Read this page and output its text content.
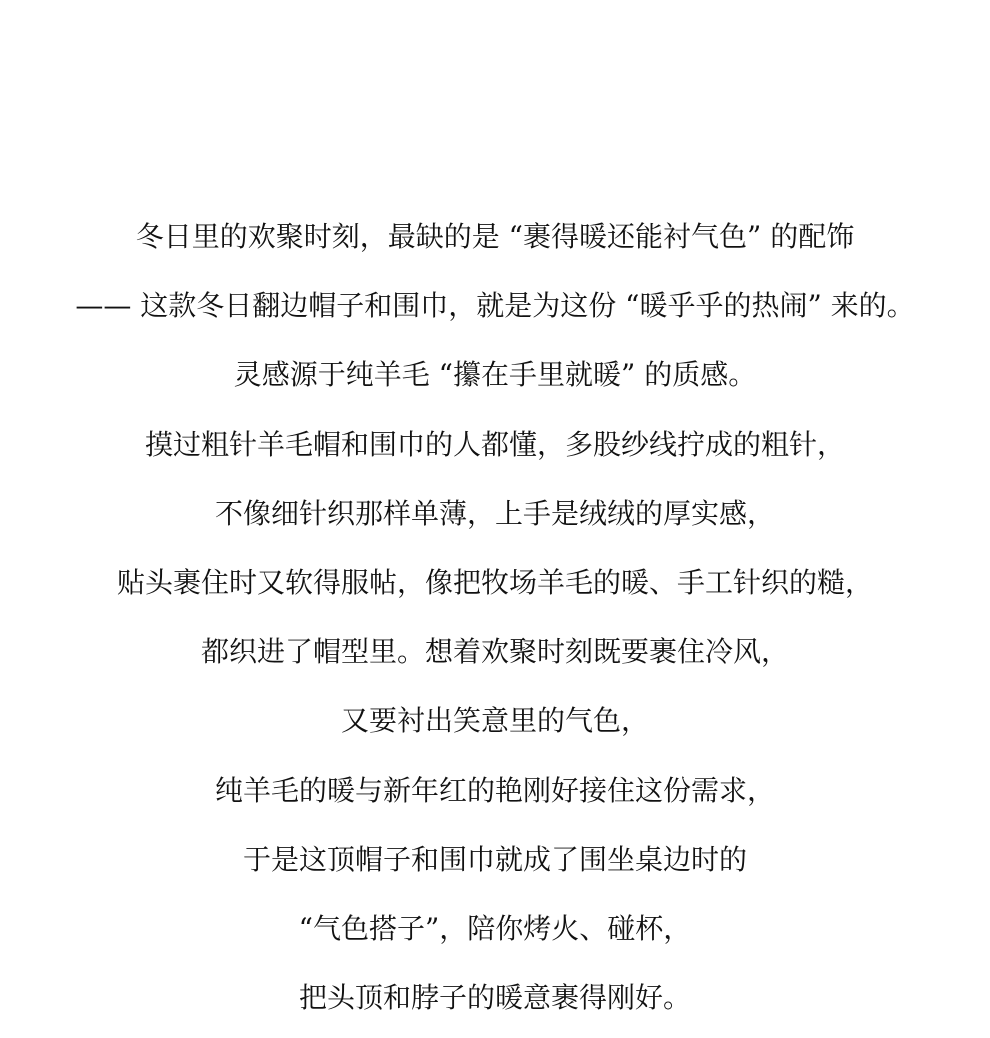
冬日里的欢聚时刻，最缺的是 “裹得暖还能衬气色” 的配饰
—— 这款冬日翻边帽子和围巾，就是为这份 “暖乎乎的热闹” 来的。
灵感源于纯羊毛 “攥在手里就暖” 的质感。
摸过粗针羊毛帽和围巾的人都懂，多股纱线拧成的粗针，
不像细针织那样单薄，上手是绒绒的厚实感，
贴头裹住时又软得服帖，像把牧场羊毛的暖、手工针织的糙，
都织进了帽型里。想着欢聚时刻既要裹住冷风，
又要衬出笑意里的气色，
纯羊毛的暖与新年红的艳刚好接住这份需求，
于是这顶帽子和围巾就成了围坐桌边时的
“气色搭子”，陪你烤火、碰杯，
把头顶和脖子的暖意裹得刚好。
